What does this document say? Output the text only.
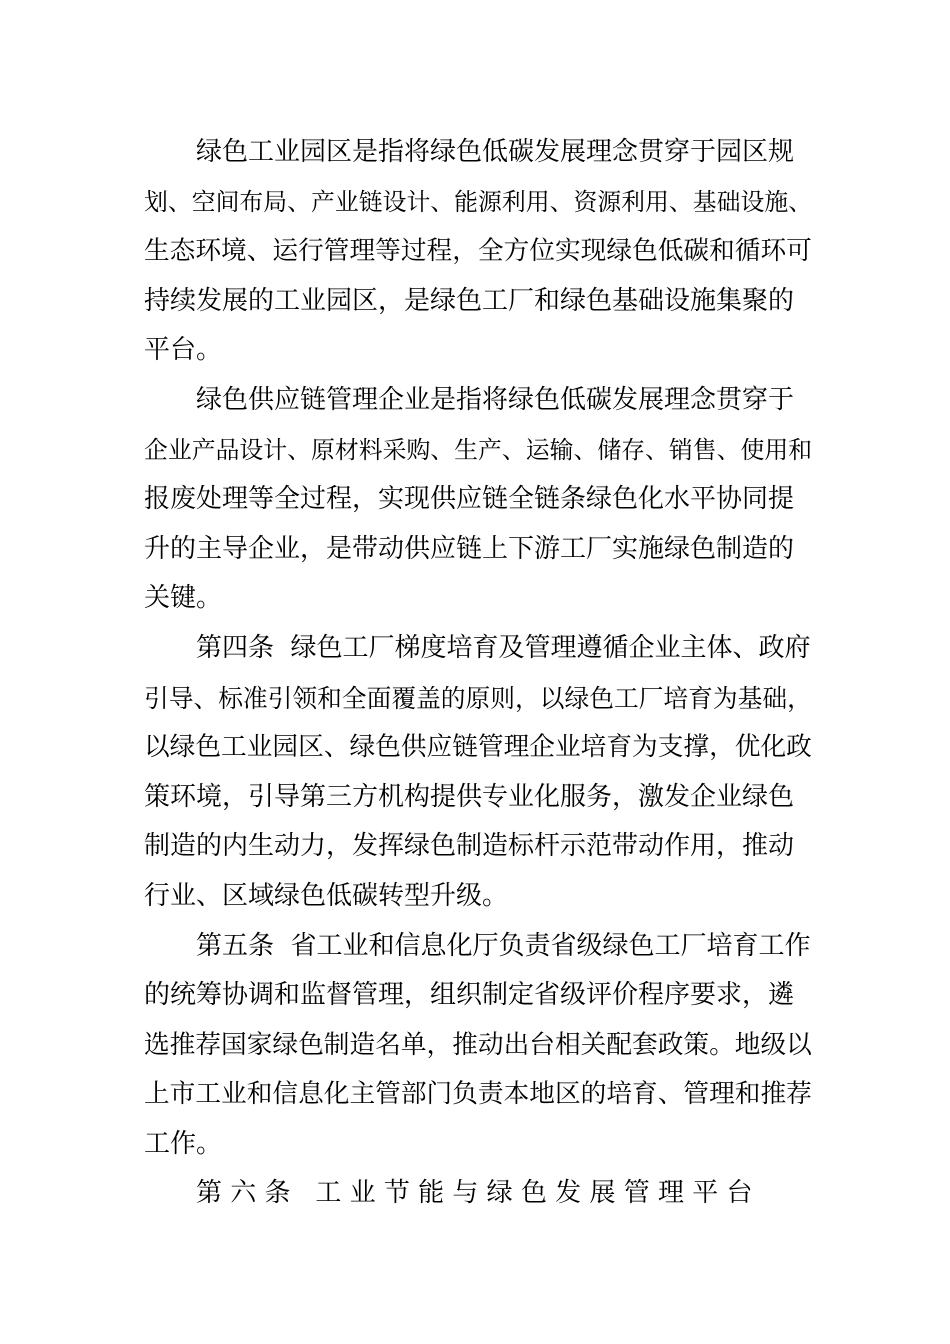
绿色工业园区是指将绿色低碳发展理念贯穿于园区规
划、空间布局、产业链设计、能源利用、资源利用、基础设施、
生态环境、运行管理等过程，全方位实现绿色低碳和循环可
持续发展的工业园区，是绿色工厂和绿色基础设施集聚的
平台。
绿色供应链管理企业是指将绿色低碳发展理念贯穿于
企业产品设计、原材料采购、生产、运输、储存、销售、使用和
报废处理等全过程，实现供应链全链条绿色化水平协同提
升的主导企业，是带动供应链上下游工厂实施绿色制造的
关键。
第四条  绿色工厂梯度培育及管理遵循企业主体、政府
引导、标准引领和全面覆盖的原则，以绿色工厂培育为基础，
以绿色工业园区、绿色供应链管理企业培育为支撑，优化政
策环境，引导第三方机构提供专业化服务，激发企业绿色
制造的内生动力，发挥绿色制造标杆示范带动作用，推动
行业、区域绿色低碳转型升级。
第五条  省工业和信息化厅负责省级绿色工厂培育工作
的统筹协调和监督管理，组织制定省级评价程序要求，遴
选推荐国家绿色制造名单，推动出台相关配套政策。地级以
上市工业和信息化主管部门负责本地区的培育、管理和推荐
工作。
第 六 条   工 业 节 能 与 绿 色 发 展 管 理 平 台
